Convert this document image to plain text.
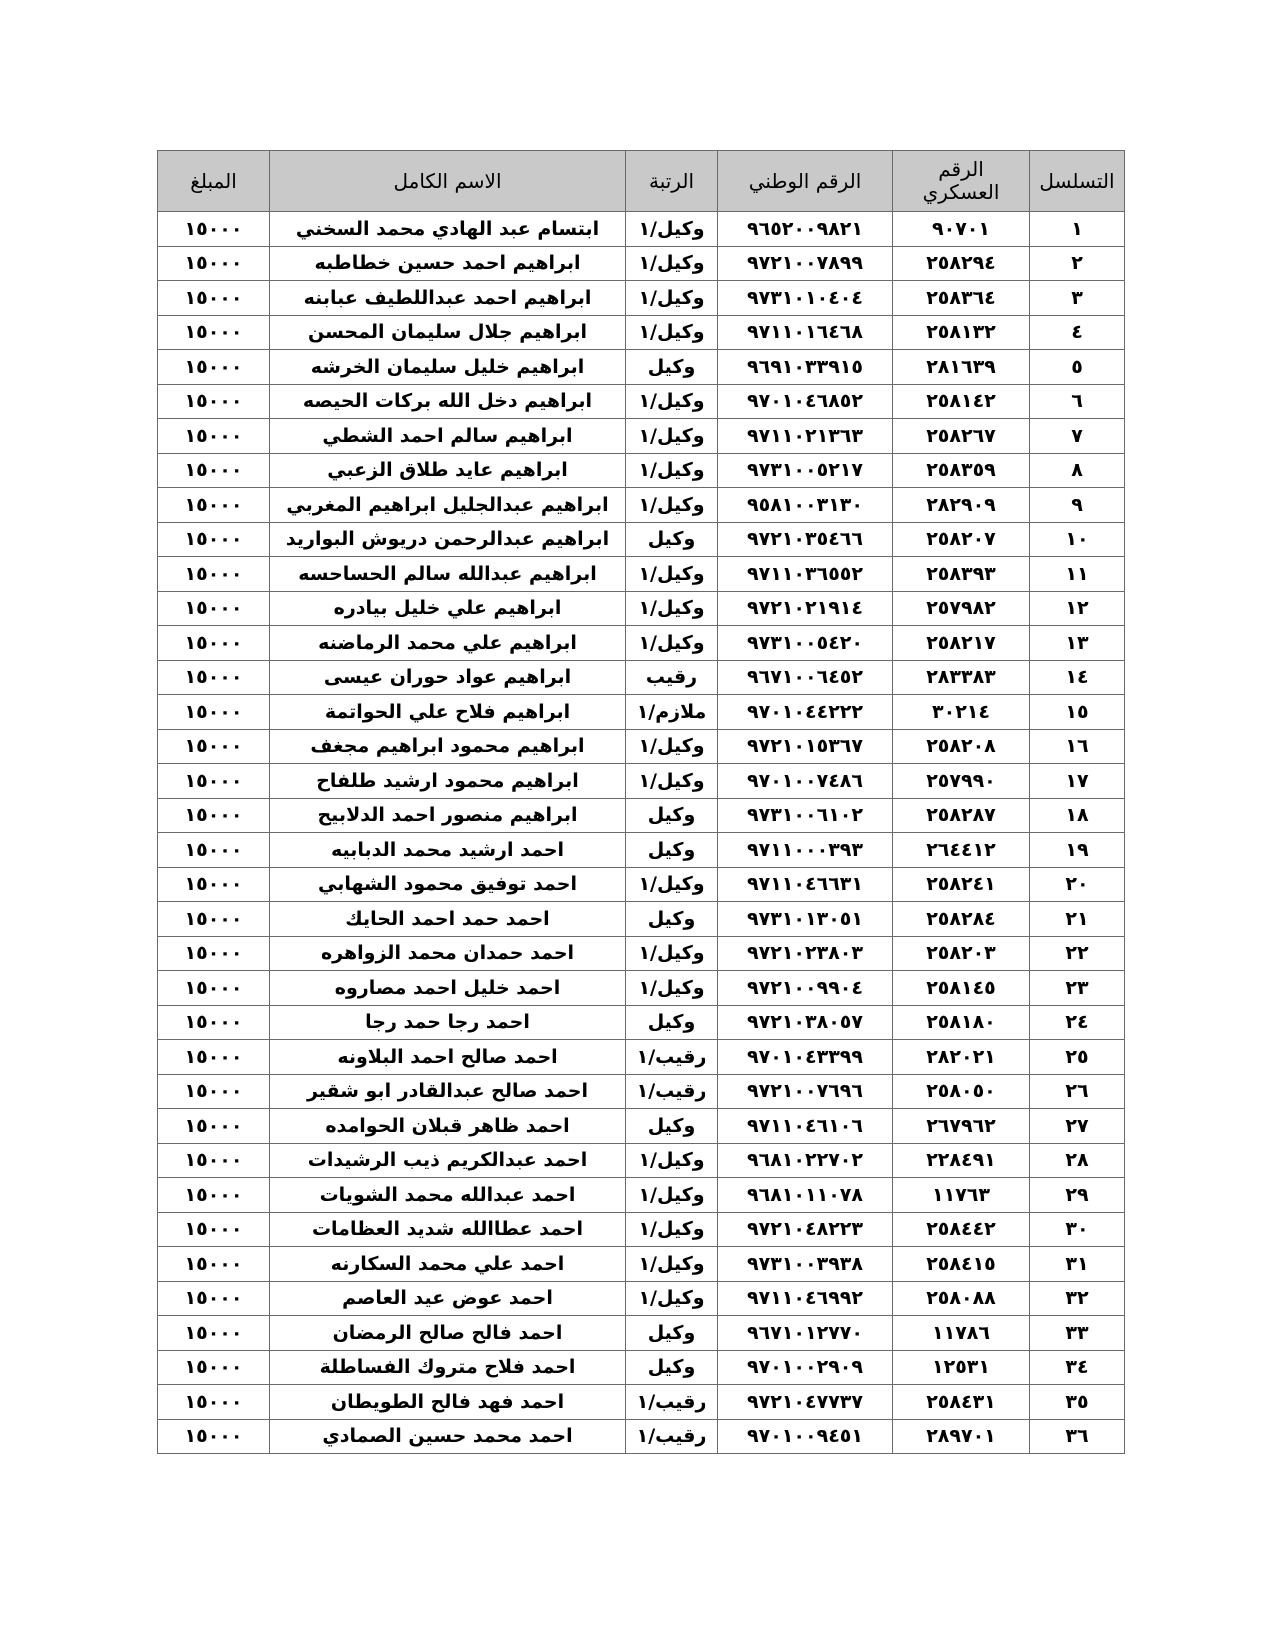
التسلسل	الرقم العسكري	الرقم الوطني	الرتبة	الاسم الكامل	المبلغ
١	٩٠٧٠١	٩٦٥٢٠٠٩٨٢١	وكيل/١	ابتسام عبد الهادي محمد السخني	١٥٠٠٠
٢	٢٥٨٢٩٤	٩٧٢١٠٠٧٨٩٩	وكيل/١	ابراهيم احمد حسين خطاطبه	١٥٠٠٠
٣	٢٥٨٣٦٤	٩٧٣١٠١٠٤٠٤	وكيل/١	ابراهيم احمد عبداللطيف عبابنه	١٥٠٠٠
٤	٢٥٨١٣٢	٩٧١١٠١٦٤٦٨	وكيل/١	ابراهيم جلال سليمان المحسن	١٥٠٠٠
٥	٢٨١٦٣٩	٩٦٩١٠٣٣٩١٥	وكيل	ابراهيم خليل سليمان الخرشه	١٥٠٠٠
٦	٢٥٨١٤٢	٩٧٠١٠٤٦٨٥٢	وكيل/١	ابراهيم دخل الله بركات الحيصه	١٥٠٠٠
٧	٢٥٨٢٦٧	٩٧١١٠٢١٣٦٣	وكيل/١	ابراهيم سالم احمد الشطي	١٥٠٠٠
٨	٢٥٨٣٥٩	٩٧٣١٠٠٥٢١٧	وكيل/١	ابراهيم عايد طلاق الزعبي	١٥٠٠٠
٩	٢٨٢٩٠٩	٩٥٨١٠٠٣١٣٠	وكيل/١	ابراهيم عبدالجليل ابراهيم المغربي	١٥٠٠٠
١٠	٢٥٨٢٠٧	٩٧٢١٠٣٥٤٦٦	وكيل	ابراهيم عبدالرحمن دريوش البواريد	١٥٠٠٠
١١	٢٥٨٣٩٣	٩٧١١٠٣٦٥٥٢	وكيل/١	ابراهيم عبدالله سالم الحساحسه	١٥٠٠٠
١٢	٢٥٧٩٨٢	٩٧٢١٠٢١٩١٤	وكيل/١	ابراهيم علي خليل بيادره	١٥٠٠٠
١٣	٢٥٨٢١٧	٩٧٣١٠٠٥٤٢٠	وكيل/١	ابراهيم علي محمد الرماضنه	١٥٠٠٠
١٤	٢٨٣٣٨٣	٩٦٧١٠٠٦٤٥٢	رقيب	ابراهيم عواد حوران عيسى	١٥٠٠٠
١٥	٣٠٢١٤	٩٧٠١٠٤٤٢٢٢	ملازم/١	ابراهيم فلاح علي الحواتمة	١٥٠٠٠
١٦	٢٥٨٢٠٨	٩٧٢١٠١٥٣٦٧	وكيل/١	ابراهيم محمود ابراهيم مجغف	١٥٠٠٠
١٧	٢٥٧٩٩٠	٩٧٠١٠٠٧٤٨٦	وكيل/١	ابراهيم محمود ارشيد طلفاح	١٥٠٠٠
١٨	٢٥٨٢٨٧	٩٧٣١٠٠٦١٠٢	وكيل	ابراهيم منصور احمد الدلابيح	١٥٠٠٠
١٩	٢٦٤٤١٢	٩٧١١٠٠٠٣٩٣	وكيل	احمد ارشيد محمد الدبابيه	١٥٠٠٠
٢٠	٢٥٨٢٤١	٩٧١١٠٤٦٦٣١	وكيل/١	احمد توفيق محمود الشهابي	١٥٠٠٠
٢١	٢٥٨٢٨٤	٩٧٣١٠١٣٠٥١	وكيل	احمد حمد احمد الحايك	١٥٠٠٠
٢٢	٢٥٨٢٠٣	٩٧٢١٠٢٣٨٠٣	وكيل/١	احمد حمدان محمد الزواهره	١٥٠٠٠
٢٣	٢٥٨١٤٥	٩٧٢١٠٠٩٩٠٤	وكيل/١	احمد خليل احمد مصاروه	١٥٠٠٠
٢٤	٢٥٨١٨٠	٩٧٢١٠٣٨٠٥٧	وكيل	احمد رجا حمد رجا	١٥٠٠٠
٢٥	٢٨٢٠٢١	٩٧٠١٠٤٣٣٩٩	رقيب/١	احمد صالح احمد البلاونه	١٥٠٠٠
٢٦	٢٥٨٠٥٠	٩٧٢١٠٠٧٦٩٦	رقيب/١	احمد صالح عبدالقادر ابو شقير	١٥٠٠٠
٢٧	٢٦٧٩٦٢	٩٧١١٠٤٦١٠٦	وكيل	احمد ظاهر قبلان الحوامده	١٥٠٠٠
٢٨	٢٢٨٤٩١	٩٦٨١٠٢٢٧٠٢	وكيل/١	احمد عبدالكريم ذيب الرشيدات	١٥٠٠٠
٢٩	١١٧٦٣	٩٦٨١٠١١٠٧٨	وكيل/١	احمد عبدالله محمد الشويات	١٥٠٠٠
٣٠	٢٥٨٤٤٢	٩٧٢١٠٤٨٢٢٣	وكيل/١	احمد عطاالله شديد العظامات	١٥٠٠٠
٣١	٢٥٨٤١٥	٩٧٣١٠٠٣٩٣٨	وكيل/١	احمد علي محمد السكارنه	١٥٠٠٠
٣٢	٢٥٨٠٨٨	٩٧١١٠٤٦٩٩٢	وكيل/١	احمد عوض عيد العاصم	١٥٠٠٠
٣٣	١١٧٨٦	٩٦٧١٠١٢٧٧٠	وكيل	احمد فالح صالح الرمضان	١٥٠٠٠
٣٤	١٢٥٣١	٩٧٠١٠٠٢٩٠٩	وكيل	احمد فلاح متروك الفساطلة	١٥٠٠٠
٣٥	٢٥٨٤٣١	٩٧٢١٠٤٧٧٣٧	رقيب/١	احمد فهد فالح الطويطان	١٥٠٠٠
٣٦	٢٨٩٧٠١	٩٧٠١٠٠٩٤٥١	رقيب/١	احمد محمد حسين الصمادي	١٥٠٠٠
